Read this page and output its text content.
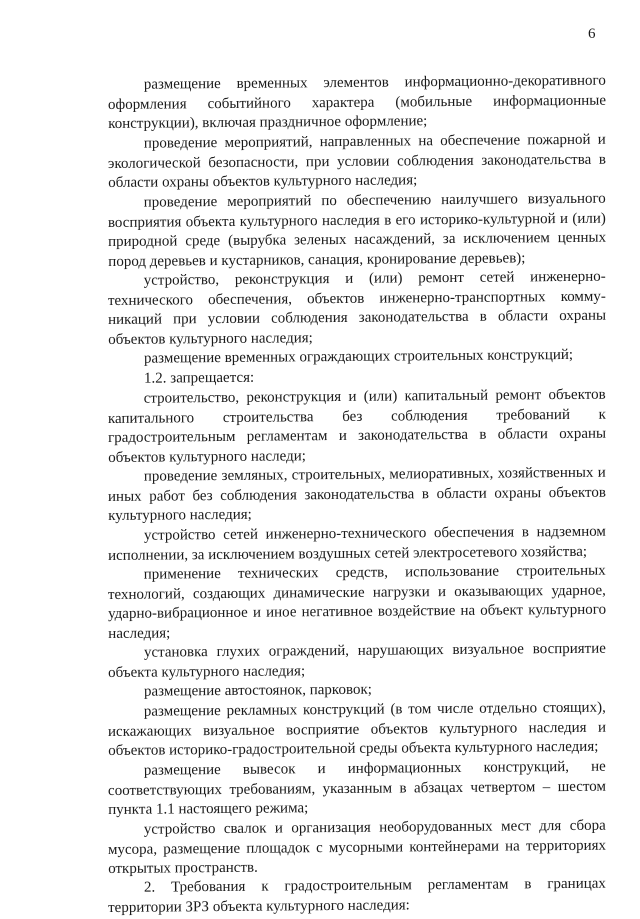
6

размещение временных элементов информационно-декоративного оформления событийного характера (мобильные информационные конструкции), включая праздничное оформление;

проведение мероприятий, направленных на обеспечение пожарной и экологической безопасности, при условии соблюдения законодательства в области охраны объектов культурного наследия;

проведение мероприятий по обеспечению наилучшего визуального восприятия объекта культурного наследия в его историко-культурной и (или) природной среде (вырубка зеленых насаждений, за исключением ценных пород деревьев и кустарников, санация, кронирование деревьев);

устройство, реконструкция и (или) ремонт сетей инженерно-технического обеспечения, объектов инженерно-транспортных коммуникаций при условии соблюдения законодательства в области охраны объектов культурного наследия;

размещение временных ограждающих строительных конструкций;

1.2. запрещается:

строительство, реконструкция и (или) капитальный ремонт объектов капитального строительства без соблюдения требований к градостроительным регламентам и законодательства в области охраны объектов культурного наследи;

проведение земляных, строительных, мелиоративных, хозяйственных и иных работ без соблюдения законодательства в области охраны объектов культурного наследия;

устройство сетей инженерно-технического обеспечения в надземном исполнении, за исключением воздушных сетей электросетевого хозяйства;

применение технических средств, использование строительных технологий, создающих динамические нагрузки и оказывающих ударное, ударно-вибрационное и иное негативное воздействие на объект культурного наследия;

установка глухих ограждений, нарушающих визуальное восприятие объекта культурного наследия;

размещение автостоянок, парковок;

размещение рекламных конструкций (в том числе отдельно стоящих), искажающих визуальное восприятие объектов культурного наследия и объектов историко-градостроительной среды объекта культурного наследия;

размещение вывесок и информационных конструкций, не соответствующих требованиям, указанным в абзацах четвертом – шестом пункта 1.1 настоящего режима;

устройство свалок и организация необорудованных мест для сбора мусора, размещение площадок с мусорными контейнерами на территориях открытых пространств.

2. Требования к градостроительным регламентам в границах территории ЗРЗ объекта культурного наследия:
